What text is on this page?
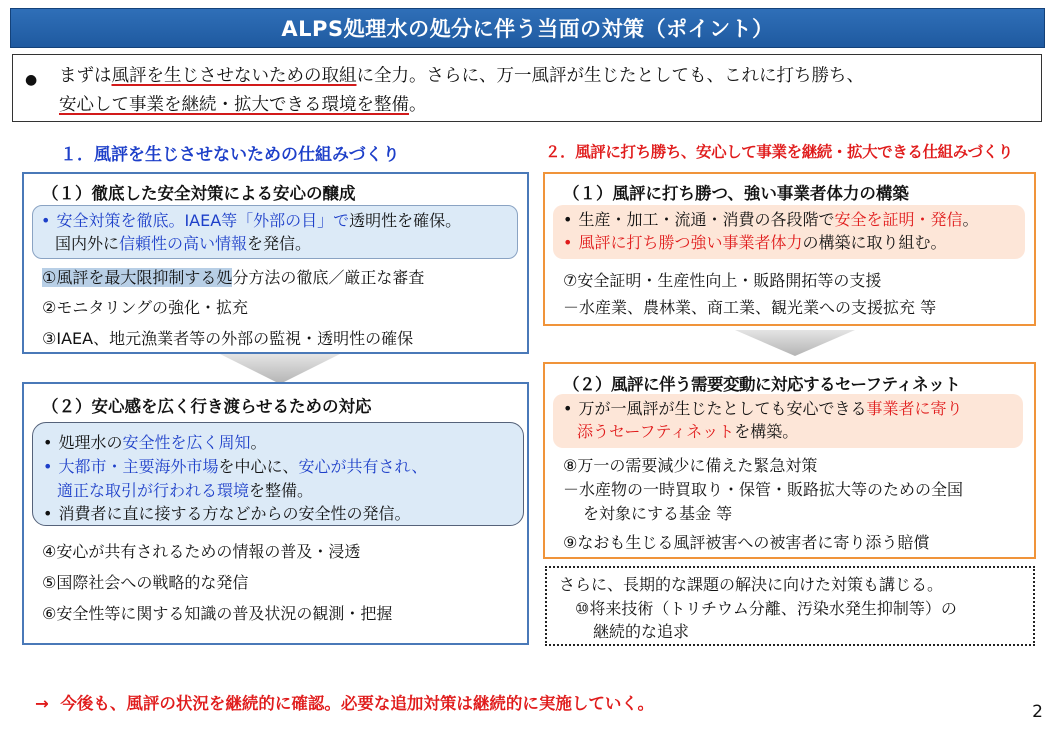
ALPS処理水の処分に伴う当面の対策（ポイント）
●	まずは風評を生じさせないための取組に全力。さらに、万一風評が生じたとしても、これに打ち勝ち、
安心して事業を継続・拡大できる環境を整備。
１．風評を生じさせないための仕組みづくり	２．風評に打ち勝ち、安心して事業を継続・拡大できる仕組みづくり
（１）徹底した安全対策による安心の醸成
• 安全対策を徹底。IAEA等「外部の目」で透明性を確保。
国内外に信頼性の高い情報を発信。
①風評を最大限抑制する処分方法の徹底／厳正な審査
②モニタリングの強化・拡充
③IAEA、地元漁業者等の外部の監視・透明性の確保
（２）安心感を広く行き渡らせるための対応
• 処理水の安全性を広く周知。
• 大都市・主要海外市場を中心に、安心が共有され、
適正な取引が行われる環境を整備。
• 消費者に直に接する方などからの安全性の発信。
④安心が共有されるための情報の普及・浸透
⑤国際社会への戦略的な発信
⑥安全性等に関する知識の普及状況の観測・把握
（１）風評に打ち勝つ、強い事業者体力の構築
• 生産・加工・流通・消費の各段階で安全を証明・発信。
• 風評に打ち勝つ強い事業者体力の構築に取り組む。
⑦安全証明・生産性向上・販路開拓等の支援
－水産業、農林業、商工業、観光業への支援拡充 等
（２）風評に伴う需要変動に対応するセーフティネット
• 万が一風評が生じたとしても安心できる事業者に寄り
添うセーフティネットを構築。
⑧万一の需要減少に備えた緊急対策
－水産物の一時買取り・保管・販路拡大等のための全国
を対象にする基金 等
⑨なおも生じる風評被害への被害者に寄り添う賠償
さらに、長期的な課題の解決に向けた対策も講じる。
⑩将来技術（トリチウム分離、汚染水発生抑制等）の
継続的な追求
→ 今後も、風評の状況を継続的に確認。必要な追加対策は継続的に実施していく。	2
